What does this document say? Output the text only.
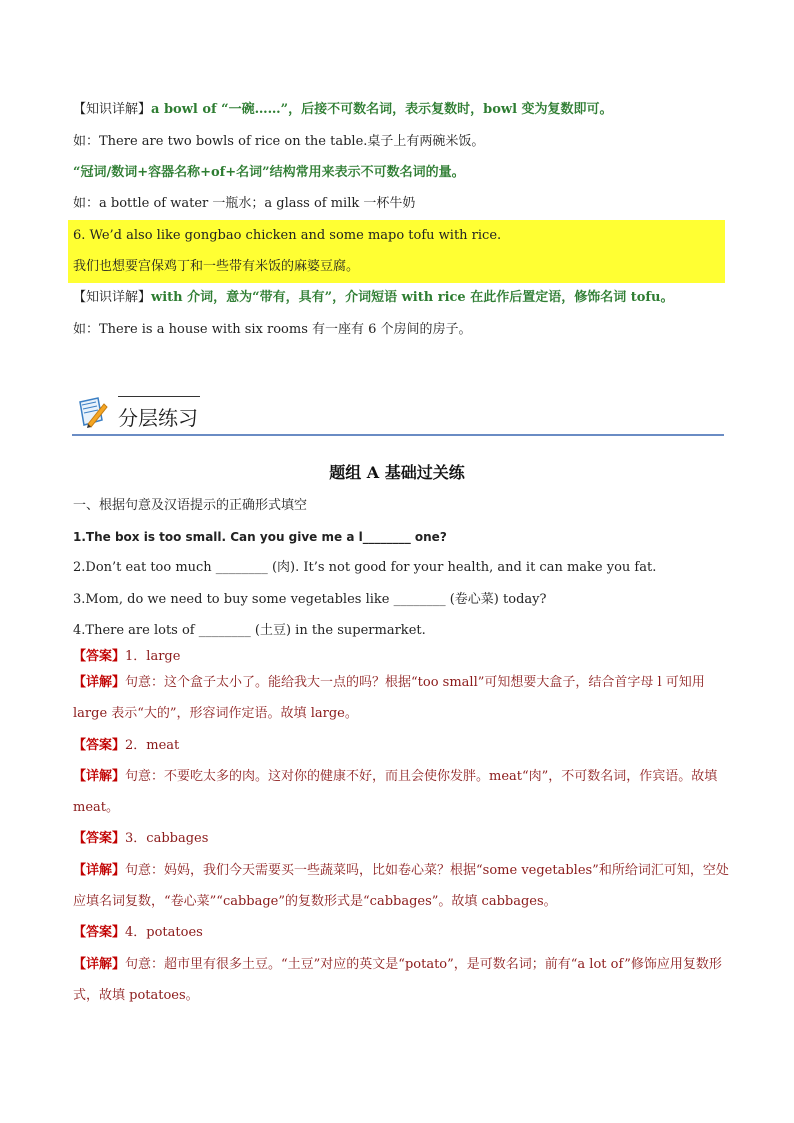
【知识详解】a bowl of “一碗……”，后接不可数名词，表示复数时，bowl 变为复数即可。
如：There are two bowls of rice on the table.桌子上有两碗米饭。
“冠词/数词+容器名称+of+名词”结构常用来表示不可数名词的量。
如：a bottle of water 一瓶水；a glass of milk 一杯牛奶
6. We’d also like gongbao chicken and some mapo tofu with rice.
我们也想要宫保鸡丁和一些带有米饭的麻婆豆腐。
【知识详解】with 介词，意为“带有，具有”，介词短语 with rice 在此作后置定语，修饰名词 tofu。
如：There is a house with six rooms 有一座有 6 个房间的房子。
分层练习
题组 A 基础过关练
一、根据句意及汉语提示的正确形式填空
1.The box is too small. Can you give me a l________ one?
2.Don’t eat too much ________ (肉). It’s not good for your health, and it can make you fat.
3.Mom, do we need to buy some vegetables like ________ (卷心菜) today?
4.There are lots of ________ (土豆) in the supermarket.
【答案】1．large
【详解】句意：这个盒子太小了。能给我大一点的吗？根据“too small”可知想要大盒子，结合首字母 l 可知用 large 表示“大的”，形容词作定语。故填 large。
【答案】2．meat
【详解】句意：不要吃太多的肉。这对你的健康不好，而且会使你发胖。meat“肉”，不可数名词，作宾语。故填 meat。
【答案】3．cabbages
【详解】句意：妈妈，我们今天需要买一些蔬菜吗，比如卷心菜？根据“some vegetables”和所给词汇可知，空处应填名词复数，“卷心菜”“cabbage”的复数形式是“cabbages”。故填 cabbages。
【答案】4．potatoes
【详解】句意：超市里有很多土豆。“土豆”对应的英文是“potato”，是可数名词；前有“a lot of”修饰应用复数形式，故填 potatoes。
